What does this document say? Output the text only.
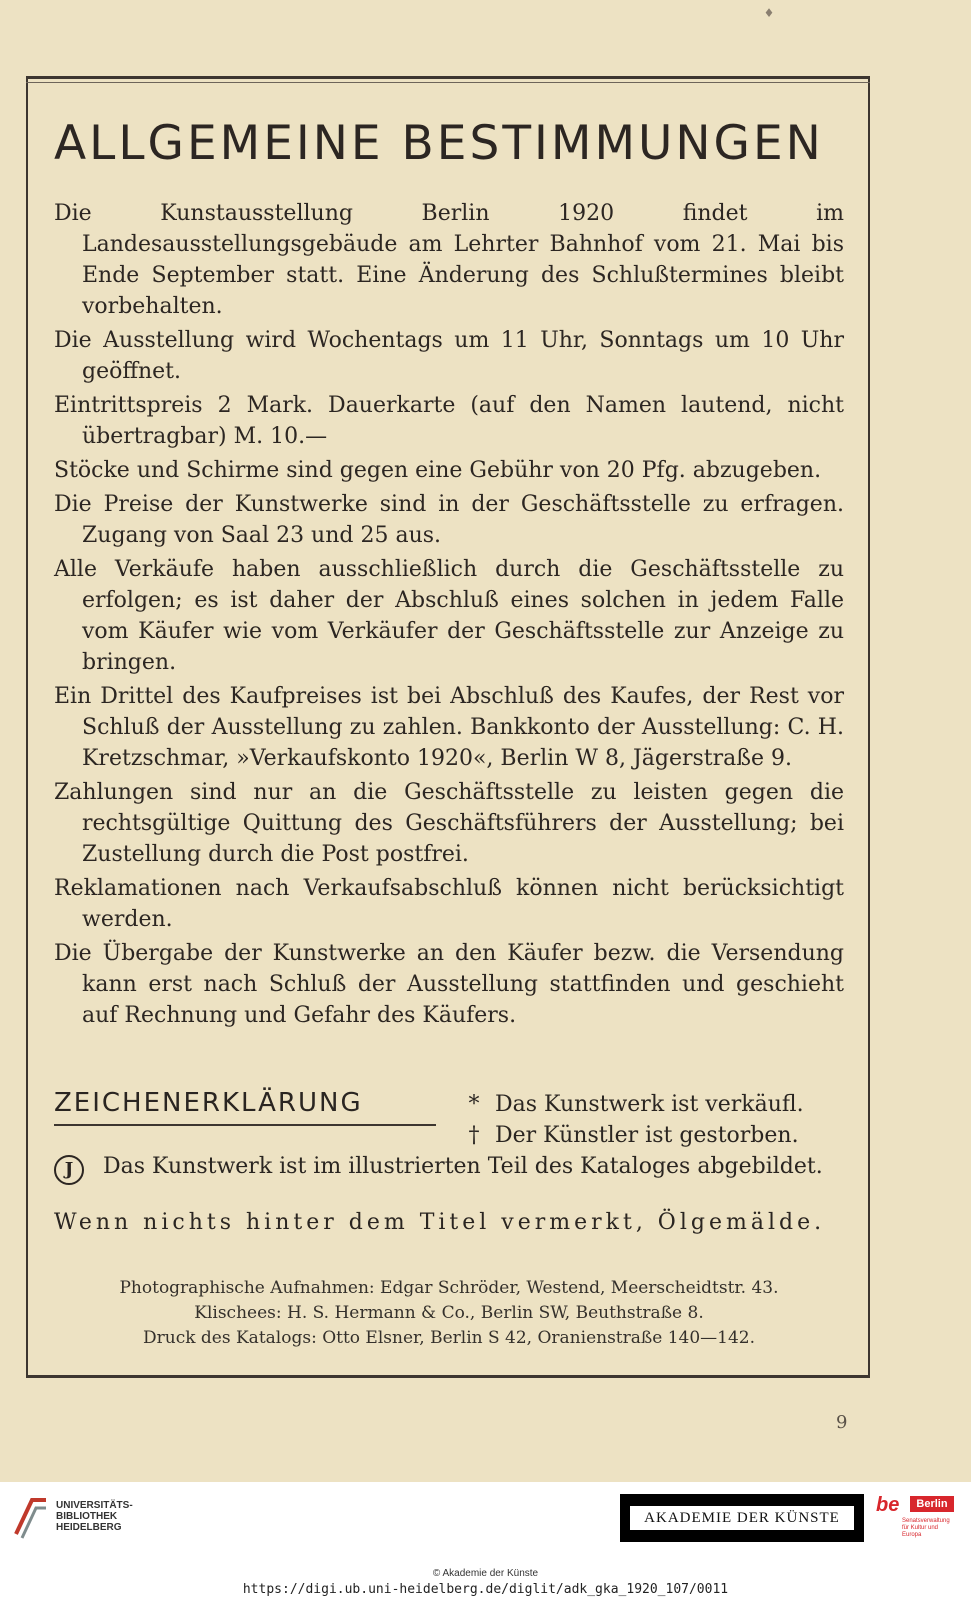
♦
ALLGEMEINE BESTIMMUNGEN

Die Kunstausstellung Berlin 1920 findet im Landesausstellungsgebäude am Lehrter Bahnhof vom 21. Mai bis Ende September statt. Eine Änderung des Schlußtermines bleibt vorbehalten.

Die Ausstellung wird Wochentags um 11 Uhr, Sonntags um 10 Uhr geöffnet.

Eintrittspreis 2 Mark. Dauerkarte (auf den Namen lautend, nicht übertragbar) M. 10.—

Stöcke und Schirme sind gegen eine Gebühr von 20 Pfg. abzugeben.

Die Preise der Kunstwerke sind in der Geschäftsstelle zu erfragen. Zugang von Saal 23 und 25 aus.

Alle Verkäufe haben ausschließlich durch die Geschäftsstelle zu erfolgen; es ist daher der Abschluß eines solchen in jedem Falle vom Käufer wie vom Verkäufer der Geschäftsstelle zur Anzeige zu bringen.

Ein Drittel des Kaufpreises ist bei Abschluß des Kaufes, der Rest vor Schluß der Ausstellung zu zahlen. Bankkonto der Ausstellung: C. H. Kretzschmar, »Verkaufskonto 1920«, Berlin W 8, Jägerstraße 9.

Zahlungen sind nur an die Geschäftsstelle zu leisten gegen die rechtsgültige Quittung des Geschäftsführers der Ausstellung; bei Zustellung durch die Post postfrei.

Reklamationen nach Verkaufsabschluß können nicht berücksichtigt werden.

Die Übergabe der Kunstwerke an den Käufer bezw. die Versendung kann erst nach Schluß der Ausstellung stattfinden und geschieht auf Rechnung und Gefahr des Käufers.

ZEICHENERKLÄRUNG	* Das Kunstwerk ist verkäufl.
† Der Künstler ist gestorben.
J Das Kunstwerk ist im illustrierten Teil des Kataloges abgebildet.
Wenn nichts hinter dem Titel vermerkt, Ölgemälde.
Photographische Aufnahmen: Edgar Schröder, Westend, Meerscheidtstr. 43.
Klischees: H. S. Hermann & Co., Berlin SW, Beuthstraße 8.
Druck des Katalogs: Otto Elsner, Berlin S 42, Oranienstraße 140—142.
9
UNIVERSITÄTS-
BIBLIOTHEK
HEIDELBERG
AKADEMIE DER KÜNSTE
be	Berlin
Senatsverwaltung für Kultur und Europa
© Akademie der Künste
https://digi.ub.uni-heidelberg.de/diglit/adk_gka_1920_107/0011
